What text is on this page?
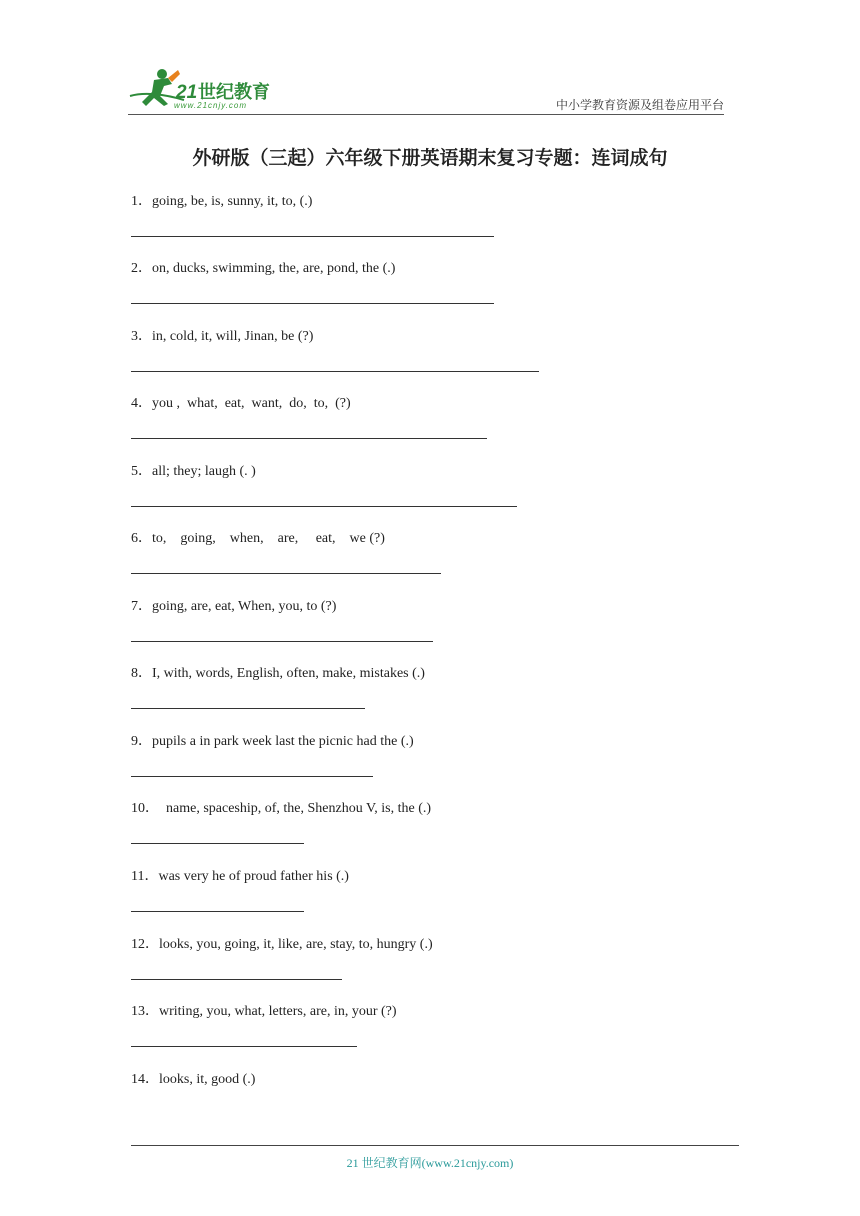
21 世纪教育
www.21cnjy.com	中小学教育资源及组卷应用平台
外研版（三起）六年级下册英语期末复习专题：连词成句
1．going, be, is, sunny, it, to, (.)
2．on, ducks, swimming, the, are, pond, the (.)
3．in, cold, it, will, Jinan, be (?)
4．you ,  what,  eat,  want,  do,  to,  (?)
5．all; they; laugh (. )
6．to,    going,    when,    are,     eat,    we (?)
7．going, are, eat, When, you, to (?)
8．I, with, words, English, often, make, mistakes (.)
9．pupils a in park week last the picnic had the (.)
10．  name, spaceship, of, the, Shenzhou V, is, the (.)
11．was very he of proud father his (.)
12．looks, you, going, it, like, are, stay, to, hungry (.)
13．writing, you, what, letters, are, in, your (?)
14．looks, it, good (.)
21 世纪教育网(www.21cnjy.com)
